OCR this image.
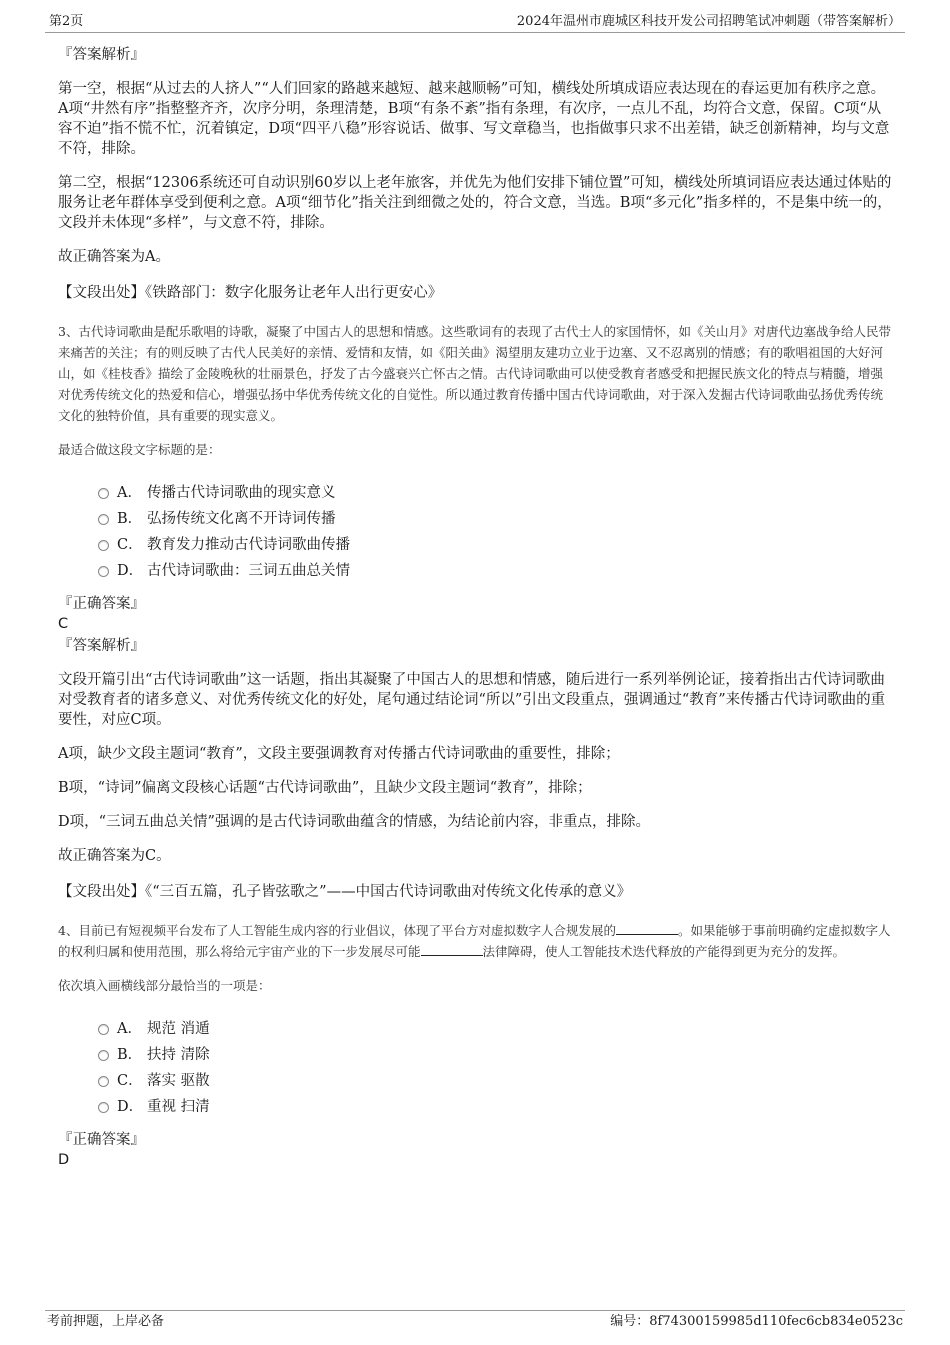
第2页	2024年温州市鹿城区科技开发公司招聘笔试冲刺题（带答案解析）

『答案解析』

第一空，根据“从过去的人挤人”“人们回家的路越来越短、越来越顺畅”可知，横线处所填成语应表达现在的春运更加有秩序之意。A项“井然有序”指整整齐齐，次序分明，条理清楚，B项“有条不紊”指有条理，有次序，一点儿不乱，均符合文意，保留。C项“从容不迫”指不慌不忙，沉着镇定，D项“四平八稳”形容说话、做事、写文章稳当，也指做事只求不出差错，缺乏创新精神，均与文意不符，排除。

第二空，根据“12306系统还可自动识别60岁以上老年旅客，并优先为他们安排下铺位置”可知，横线处所填词语应表达通过体贴的服务让老年群体享受到便利之意。A项“细节化”指关注到细微之处的，符合文意，当选。B项“多元化”指多样的，不是集中统一的，文段并未体现“多样”，与文意不符，排除。

故正确答案为A。

【文段出处】《铁路部门：数字化服务让老年人出行更安心》

3、古代诗词歌曲是配乐歌唱的诗歌，凝聚了中国古人的思想和情感。这些歌词有的表现了古代士人的家国情怀，如《关山月》对唐代边塞战争给人民带来痛苦的关注；有的则反映了古代人民美好的亲情、爱情和友情，如《阳关曲》渴望朋友建功立业于边塞、又不忍离别的情感；有的歌唱祖国的大好河山，如《桂枝香》描绘了金陵晚秋的壮丽景色，抒发了古今盛衰兴亡怀古之情。古代诗词歌曲可以使受教育者感受和把握民族文化的特点与精髓，增强对优秀传统文化的热爱和信心，增强弘扬中华优秀传统文化的自觉性。所以通过教育传播中国古代诗词歌曲，对于深入发掘古代诗词歌曲弘扬优秀传统文化的独特价值，具有重要的现实意义。

最适合做这段文字标题的是：

A． 传播古代诗词歌曲的现实意义
B． 弘扬传统文化离不开诗词传播
C． 教育发力推动古代诗词歌曲传播
D． 古代诗词歌曲：三词五曲总关情

『正确答案』

C

『答案解析』

文段开篇引出“古代诗词歌曲”这一话题，指出其凝聚了中国古人的思想和情感，随后进行一系列举例论证，接着指出古代诗词歌曲对受教育者的诸多意义、对优秀传统文化的好处，尾句通过结论词“所以”引出文段重点，强调通过“教育”来传播古代诗词歌曲的重要性，对应C项。

A项，缺少文段主题词“教育”，文段主要强调教育对传播古代诗词歌曲的重要性，排除；

B项，“诗词”偏离文段核心话题“古代诗词歌曲”，且缺少文段主题词“教育”，排除；

D项，“三词五曲总关情”强调的是古代诗词歌曲蕴含的情感，为结论前内容，非重点，排除。

故正确答案为C。

【文段出处】《“三百五篇，孔子皆弦歌之”——中国古代诗词歌曲对传统文化传承的意义》

4、目前已有短视频平台发布了人工智能生成内容的行业倡议，体现了平台方对虚拟数字人合规发展的	。如果能够于事前明确约定虚拟数字人的权利归属和使用范围，那么将给元宇宙产业的下一步发展尽可能	法律障碍，使人工智能技术迭代释放的产能得到更为充分的发挥。

依次填入画横线部分最恰当的一项是：

A． 规范 消遁
B． 扶持 清除
C． 落实 驱散
D． 重视 扫清

『正确答案』

D

考前押题，上岸必备	编号：8f74300159985d110fec6cb834e0523c
